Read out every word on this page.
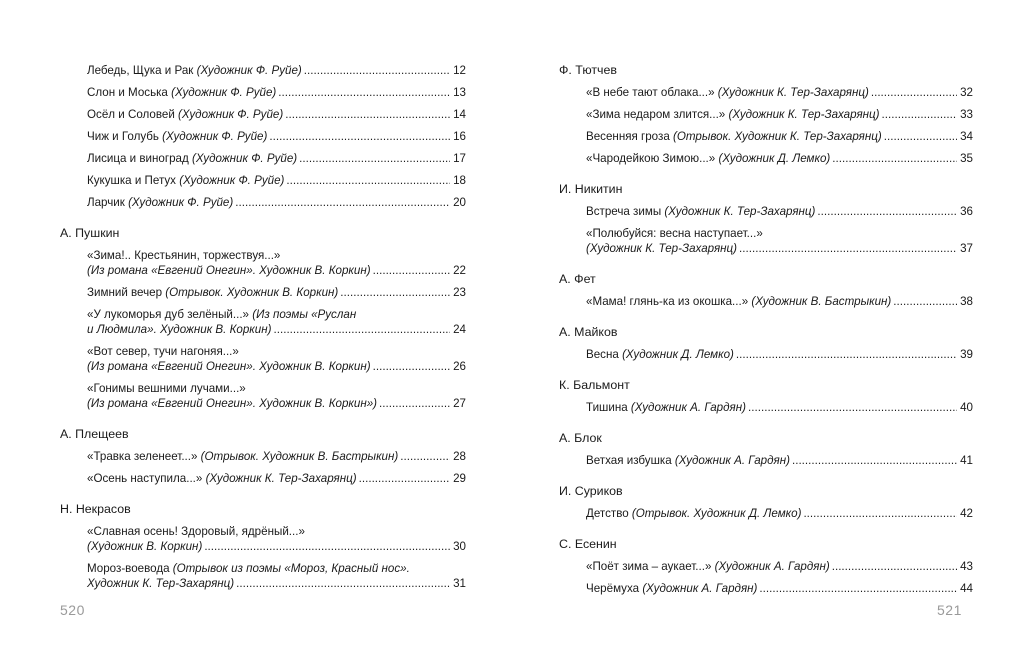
Лебедь, Щука и Рак (Художник Ф. Руйе) . . .	12
Слон и Моська (Художник Ф. Руйе) . . .	13
Осёл и Соловей (Художник Ф. Руйе) . . .	14
Чиж и Голубь (Художник Ф. Руйе) . . .	16
Лисица и виноград (Художник Ф. Руйе) . . .	17
Кукушка и Петух (Художник Ф. Руйе) . . .	18
Ларчик (Художник Ф. Руйе) . . .	20
А. Пушкин
«Зима!.. Крестьянин, торжествуя...»
(Из романа «Евгений Онегин». Художник В. Коркин) . . .	22
Зимний вечер (Отрывок. Художник В. Коркин) . . .	23
«У лукоморья дуб зелёный...» (Из поэмы «Руслан
и Людмила». Художник В. Коркин) . . .	24
«Вот север, тучи нагоняя...»
(Из романа «Евгений Онегин». Художник В. Коркин) . . .	26
«Гонимы вешними лучами...»
(Из романа «Евгений Онегин». Художник В. Коркин») . . .	27
А. Плещеев
«Травка зеленеет...» (Отрывок. Художник В. Бастрыкин) . . .	28
«Осень наступила...» (Художник К. Тер-Захарянц) . . .	29
Н. Некрасов
«Славная осень! Здоровый, ядрёный...»
(Художник В. Коркин) . . .	30
Мороз-воевода (Отрывок из поэмы «Мороз, Красный нос».
Художник К. Тер-Захарянц) . . .	31
520
Ф. Тютчев
«В небе тают облака...» (Художник К. Тер-Захарянц) . . .	32
«Зима недаром злится...» (Художник К. Тер-Захарянц) . . .	33
Весенняя гроза (Отрывок. Художник К. Тер-Захарянц) . . .	34
«Чародейкою Зимою...» (Художник Д. Лемко) . . .	35
И. Никитин
Встреча зимы (Художник К. Тер-Захарянц) . . .	36
«Полюбуйся: весна наступает...»
(Художник К. Тер-Захарянц) . . .	37
А. Фет
«Мама! глянь-ка из окошка...» (Художник В. Бастрыкин) . . .	38
А. Майков
Весна (Художник Д. Лемко) . . .	39
К. Бальмонт
Тишина (Художник А. Гардян) . . .	40
А. Блок
Ветхая избушка (Художник А. Гардян) . . .	41
И. Суриков
Детство (Отрывок. Художник Д. Лемко) . . .	42
С. Есенин
«Поёт зима – аукает...» (Художник А. Гардян) . . .	43
Черёмуха (Художник А. Гардян) . . .	44
521
